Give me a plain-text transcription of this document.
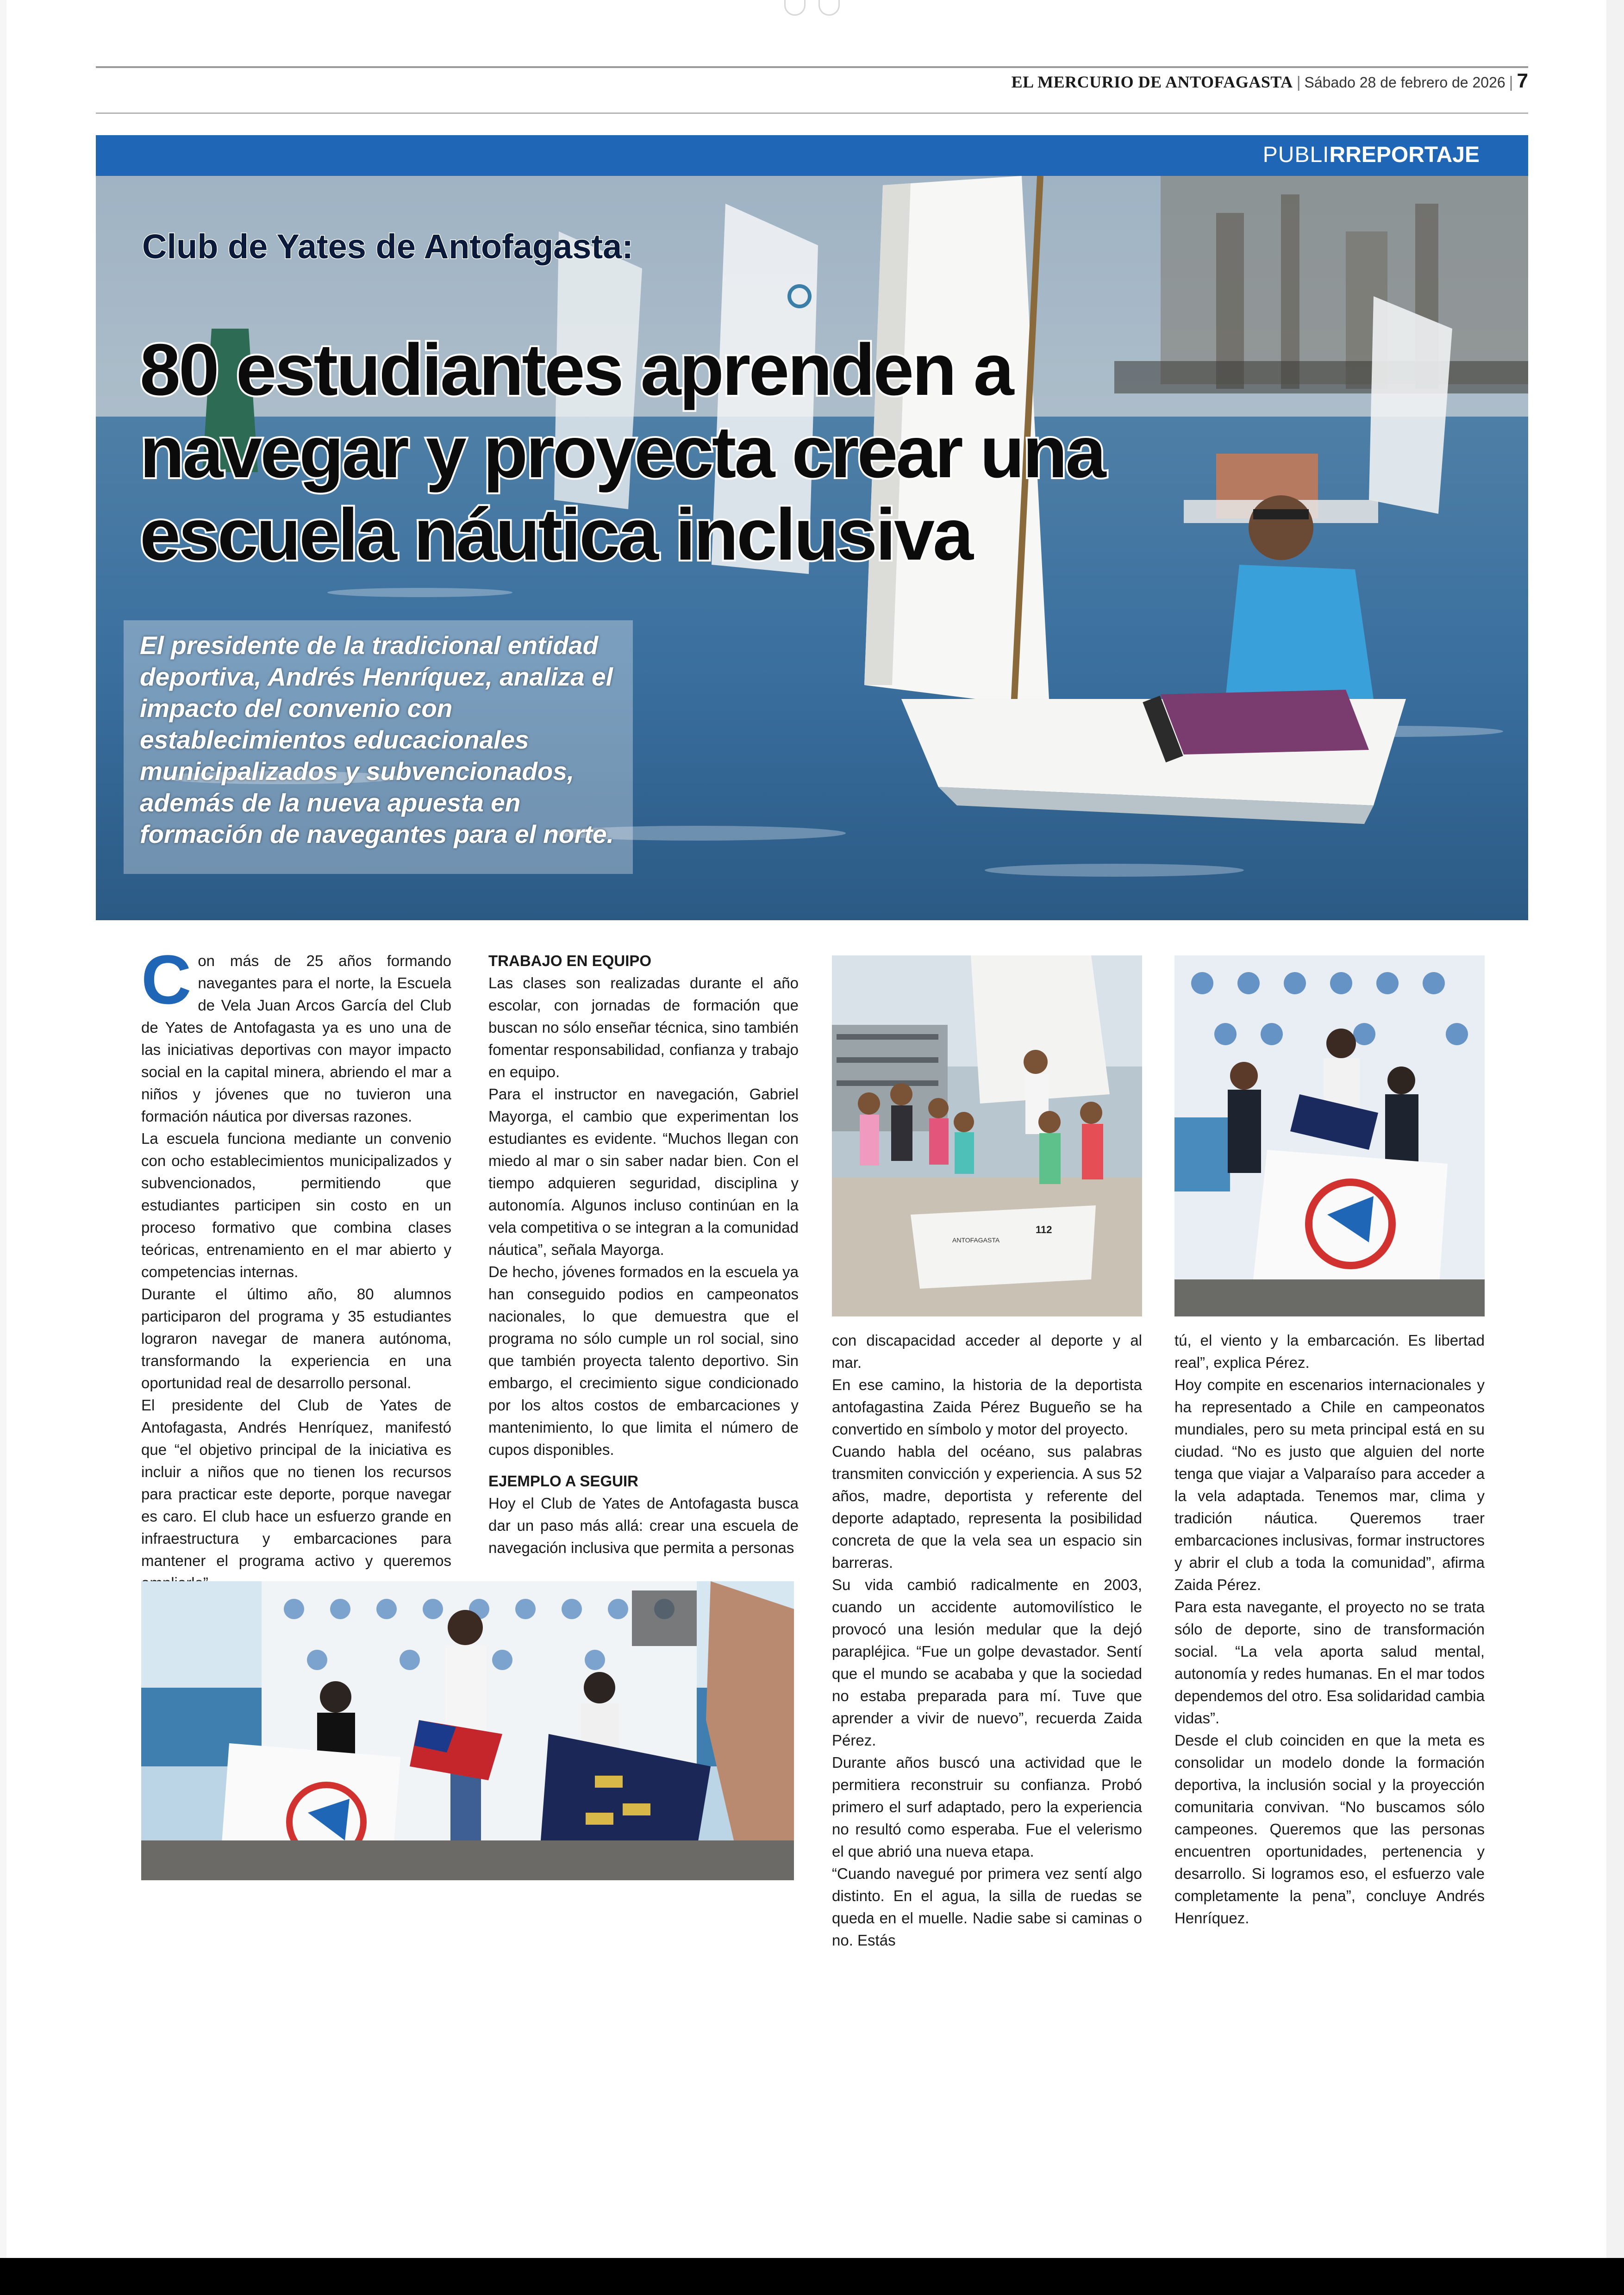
EL MERCURIO DE ANTOFAGASTA | Sábado 28 de febrero de 2026 | 7
PUBLIRREPORTAJE
Club de Yates de Antofagasta:
80 estudiantes aprenden a navegar y proyecta crear una escuela náutica inclusiva
El presidente de la tradicional entidad deportiva, Andrés Henríquez, analiza el impacto del convenio con establecimientos educacionales municipalizados y subvencionados, además de la nueva apuesta en formación de navegantes para el norte.
C on más de 25 años formando navegantes para el norte, la Escuela de Vela Juan Arcos García del Club de Yates de Antofagasta ya es uno una de las iniciativas deportivas con mayor impacto social en la capital minera, abriendo el mar a niños y jóvenes que no tuvieron una formación náutica por diversas razones.

La escuela funciona mediante un convenio con ocho establecimientos municipalizados y subvencionados, permitiendo que estudiantes participen sin costo en un proceso formativo que combina clases teóricas, entrenamiento en el mar abierto y competencias internas.

Durante el último año, 80 alumnos participaron del programa y 35 estudiantes lograron navegar de manera autónoma, transformando la experiencia en una oportunidad real de desarrollo personal.

El presidente del Club de Yates de Antofagasta, Andrés Henríquez, manifestó que “el objetivo principal de la iniciativa es incluir a niños que no tienen los recursos para practicar este deporte, porque navegar es caro. El club hace un esfuerzo grande en infraestructura y embarcaciones para mantener el programa activo y queremos

TRABAJO EN EQUIPO

Las clases son realizadas durante el año escolar, con jornadas de formación que buscan no sólo enseñar técnica, sino también fomentar responsabilidad, confianza y trabajo en equipo.

Para el instructor en navegación, Gabriel Mayorga, el cambio que experimentan los estudiantes es evidente. “Muchos llegan con miedo al mar o sin saber nadar bien. Con el tiempo adquieren seguridad, disciplina y autonomía. Algunos incluso continúan en la vela competitiva o se integran a la comunidad náutica”, señala Mayorga.

De hecho, jóvenes formados en la escuela ya han conseguido podios en campeonatos nacionales, lo que demuestra que el programa no sólo cumple un rol social, sino que también proyecta talento deportivo. Sin embargo, el crecimiento sigue condicionado por los altos costos de embarcaciones y mantenimiento, lo que limita el número de cupos disponibles.

EJEMPLO A SEGUIR

Hoy el Club de Yates de Antofagasta busca dar un paso más allá: crear una escuela de navegación inclusiva que permita a personas

con discapacidad acceder al deporte y al mar.

En ese camino, la historia de la deportista antofagastina Zaida Pérez Bugueño se ha convertido en símbolo y motor del proyecto.

Cuando habla del océano, sus palabras transmiten convicción y experiencia. A sus 52 años, madre, deportista y referente del deporte adaptado, representa la posibilidad concreta de que la vela sea un espacio sin barreras.

Su vida cambió radicalmente en 2003, cuando un accidente automovilístico le provocó una lesión medular que la dejó parapléjica. “Fue un golpe devastador. Sentí que el mundo se acababa y que la sociedad no estaba preparada para mí. Tuve que aprender a vivir de nuevo”, recuerda Zaida Pérez.

Durante años buscó una actividad que le permitiera reconstruir su confianza. Probó primero el surf adaptado, pero la experiencia no resultó como esperaba. Fue el velerismo el que abrió una nueva etapa.

“Cuando navegué por primera vez sentí algo distinto. En el agua, la silla de ruedas se queda en el muelle. Nadie sabe si caminas o no. Estás

tú, el viento y la embarcación. Es libertad real”, explica Pérez.

Hoy compite en escenarios internacionales y ha representado a Chile en campeonatos mundiales, pero su meta principal está en su ciudad. “No es justo que alguien del norte tenga que viajar a Valparaíso para acceder a la vela adaptada. Tenemos mar, clima y tradición náutica. Queremos traer embarcaciones inclusivas, formar instructores y abrir el club a toda la comunidad”, afirma Zaida Pérez.

Para esta navegante, el proyecto no se trata sólo de deporte, sino de transformación social. “La vela aporta salud mental, autonomía y redes humanas. En el mar todos dependemos del otro. Esa solidaridad cambia vidas”.

Desde el club coinciden en que la meta es consolidar un modelo donde la formación deportiva, la inclusión social y la proyección comunitaria convivan. “No buscamos sólo campeones. Queremos que las personas encuentren oportunidades, pertenencia y desarrollo. Si logramos eso, el esfuerzo vale completamente la pena”, concluye Andrés Henríquez.

112
ANTOFAGASTA
